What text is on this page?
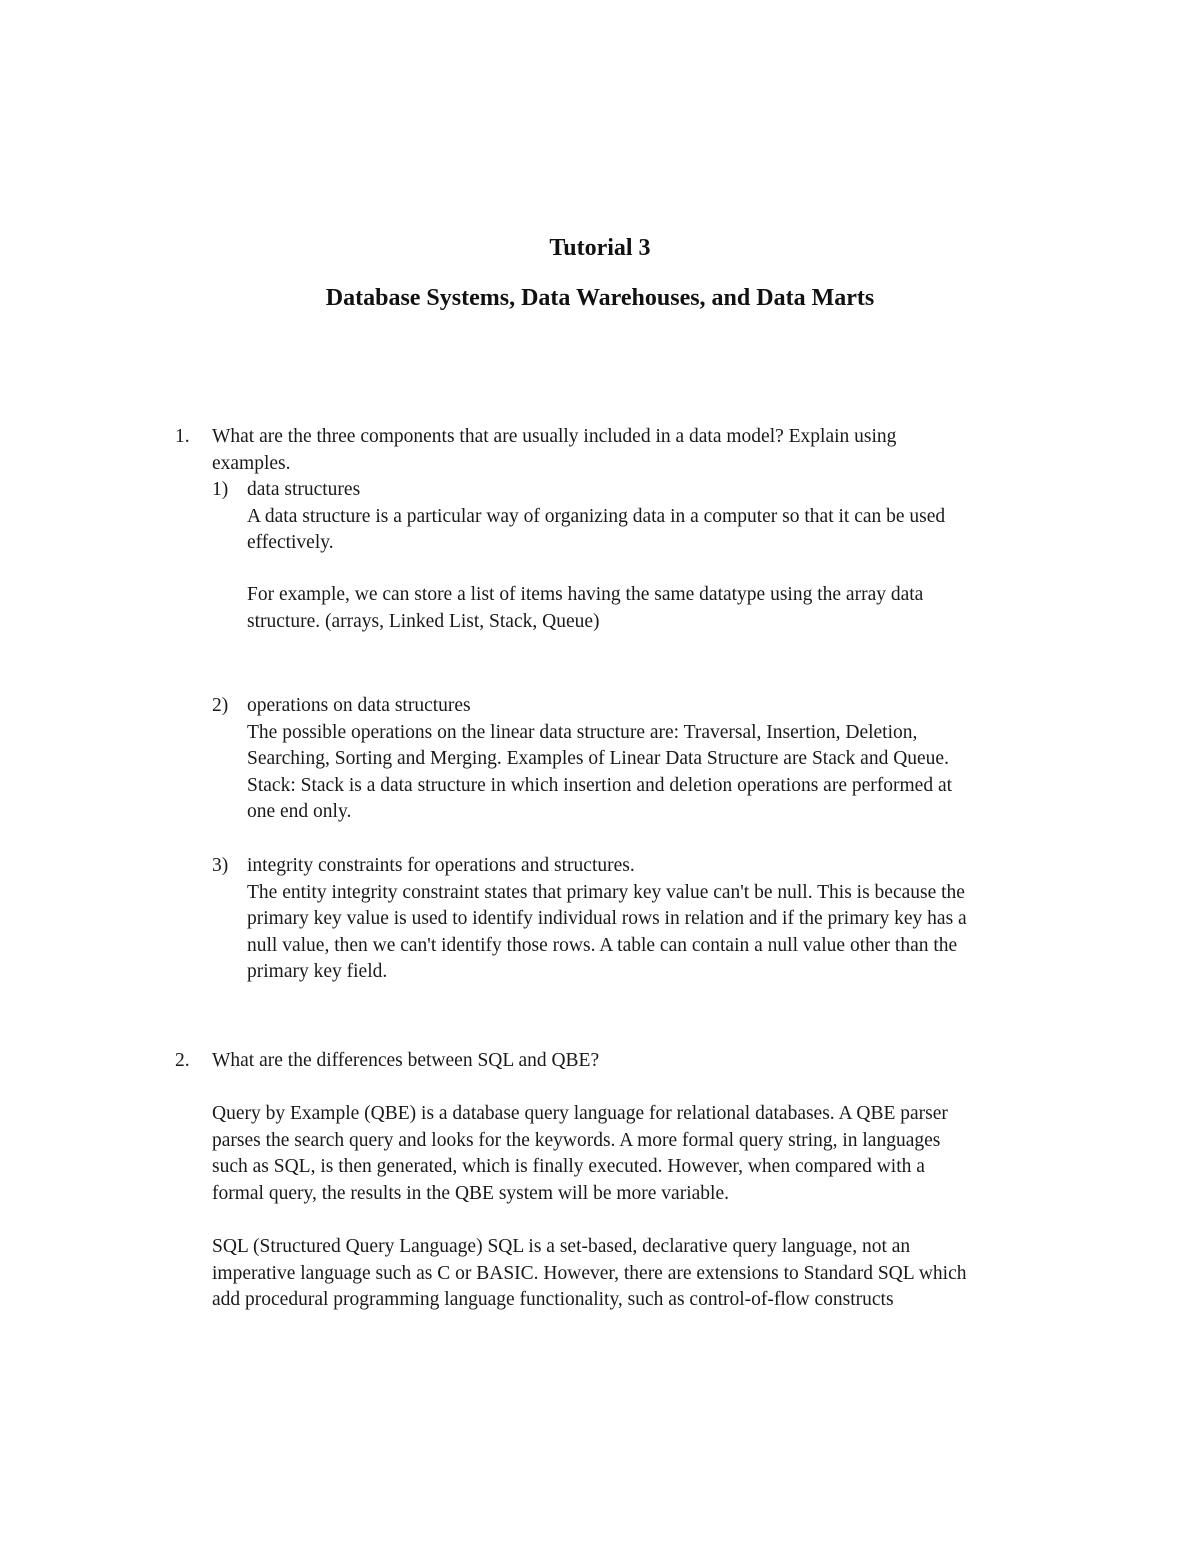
Tutorial 3
Database Systems, Data Warehouses, and Data Marts
1.	What are the three components that are usually included in a data model? Explain using
examples.
1) data structures
A data structure is a particular way of organizing data in a computer so that it can be used
effectively.
For example, we can store a list of items having the same datatype using the array data
structure. (arrays, Linked List, Stack, Queue)
2) operations on data structures
The possible operations on the linear data structure are: Traversal, Insertion, Deletion,
Searching, Sorting and Merging. Examples of Linear Data Structure are Stack and Queue.
Stack: Stack is a data structure in which insertion and deletion operations are performed at
one end only.
3) integrity constraints for operations and structures.
The entity integrity constraint states that primary key value can't be null. This is because the
primary key value is used to identify individual rows in relation and if the primary key has a
null value, then we can't identify those rows. A table can contain a null value other than the
primary key field.
2.	What are the differences between SQL and QBE?
Query by Example (QBE) is a database query language for relational databases. A QBE parser
parses the search query and looks for the keywords. A more formal query string, in languages
such as SQL, is then generated, which is finally executed. However, when compared with a
formal query, the results in the QBE system will be more variable.
SQL (Structured Query Language) SQL is a set-based, declarative query language, not an
imperative language such as C or BASIC. However, there are extensions to Standard SQL which
add procedural programming language functionality, such as control-of-flow constructs
